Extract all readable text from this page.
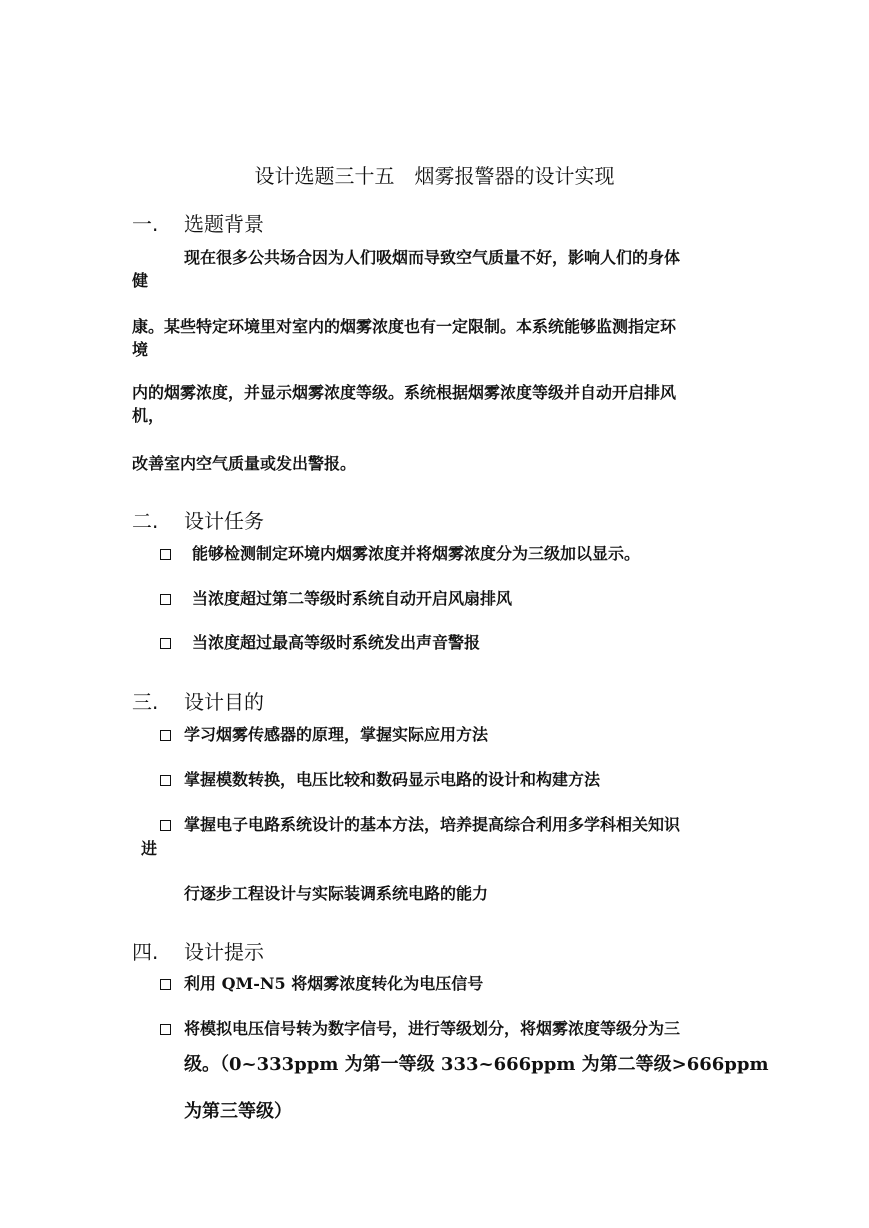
设计选题三十五　烟雾报警器的设计实现
一. 选题背景
现在很多公共场合因为人们吸烟而导致空气质量不好，影响人们的身体
健
康。某些特定环境里对室内的烟雾浓度也有一定限制。本系统能够监测指定环
境
内的烟雾浓度，并显示烟雾浓度等级。系统根据烟雾浓度等级并自动开启排风
机，
改善室内空气质量或发出警报。
二. 设计任务
能够检测制定环境内烟雾浓度并将烟雾浓度分为三级加以显示。
当浓度超过第二等级时系统自动开启风扇排风
当浓度超过最高等级时系统发出声音警报
三. 设计目的
学习烟雾传感器的原理，掌握实际应用方法
掌握模数转换，电压比较和数码显示电路的设计和构建方法
掌握电子电路系统设计的基本方法，培养提高综合利用多学科相关知识
进
行逐步工程设计与实际装调系统电路的能力
四. 设计提示
利用 QM-N5 将烟雾浓度转化为电压信号
将模拟电压信号转为数字信号，进行等级划分，将烟雾浓度等级分为三
级。（0~333ppm 为第一等级 333~666ppm 为第二等级>666ppm
为第三等级）
